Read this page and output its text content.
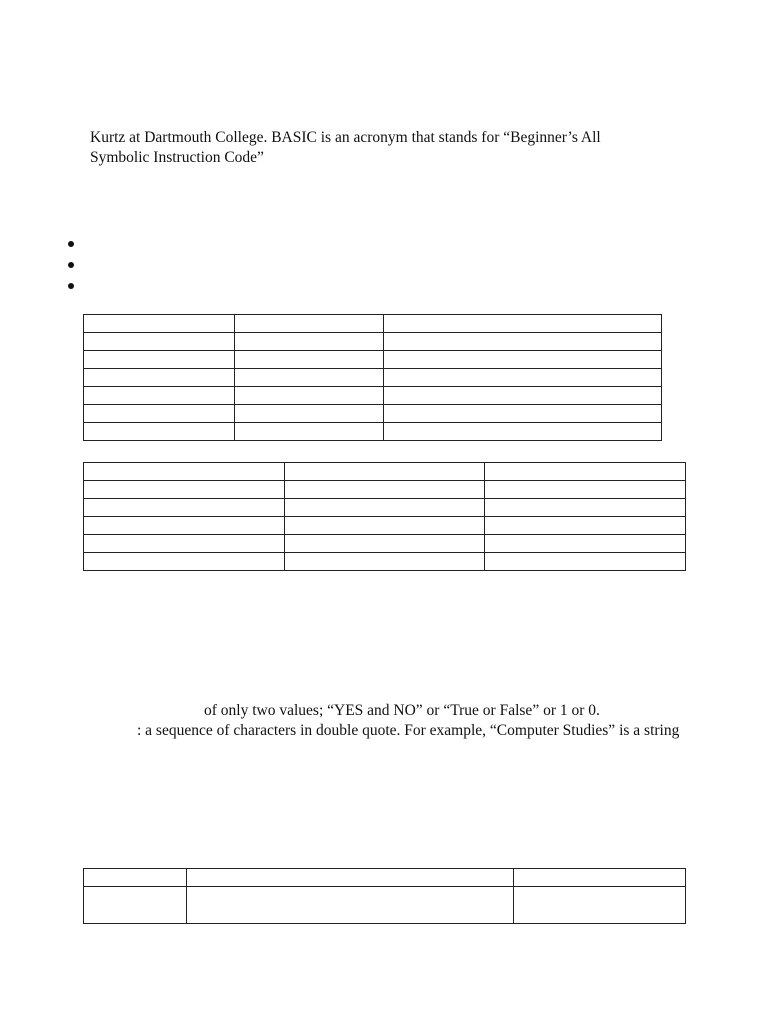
Kurtz at Dartmouth College. BASIC is an acronym that stands for “Beginner’s All

Symbolic Instruction Code”

of only two values; “YES and NO” or “True or False” or 1 or 0.

: a sequence of characters in double quote. For example, “Computer Studies” is a string
